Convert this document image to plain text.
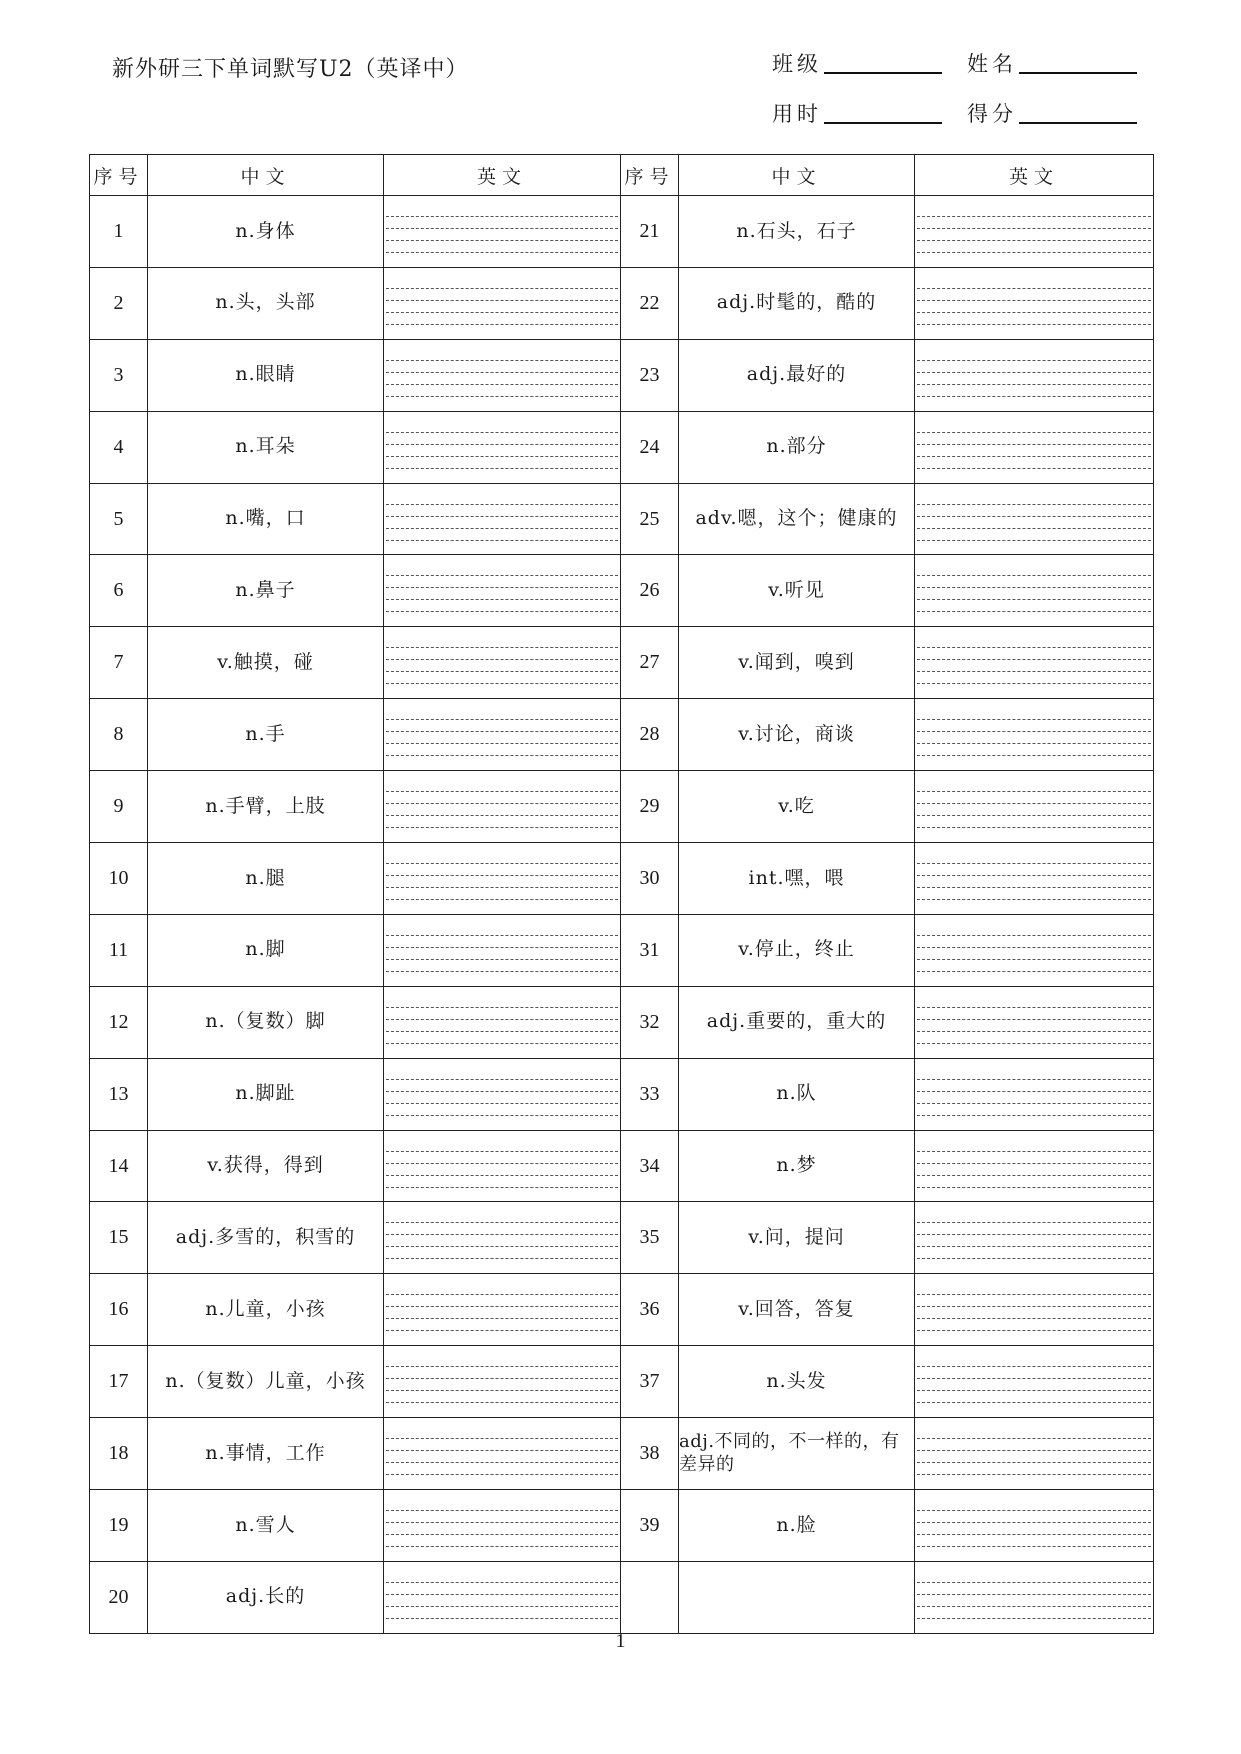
新外研三下单词默写U2（英译中）	班级	姓名
用时	得分
序号	中文	英文	序号	中文	英文
1	n.身体		21	n.石头，石子	

2	n.头，头部		22	adj.时髦的，酷的	

3	n.眼睛		23	adj.最好的	

4	n.耳朵		24	n.部分	

5	n.嘴，口		25	adv.嗯，这个；健康的	

6	n.鼻子		26	v.听见	

7	v.触摸，碰		27	v.闻到，嗅到	

8	n.手		28	v.讨论，商谈	

9	n.手臂，上肢		29	v.吃	

10	n.腿		30	int.嘿，喂	

11	n.脚		31	v.停止，终止	

12	n.（复数）脚		32	adj.重要的，重大的	

13	n.脚趾		33	n.队	

14	v.获得，得到		34	n.梦	

15	adj.多雪的，积雪的		35	v.问，提问	

16	n.儿童，小孩		36	v.回答，答复	

17	n.（复数）儿童，小孩		37	n.头发	

18	n.事情，工作		38	adj.不同的，不一样的，有差异的	

19	n.雪人		39	n.脸	

20	adj.长的	

1
